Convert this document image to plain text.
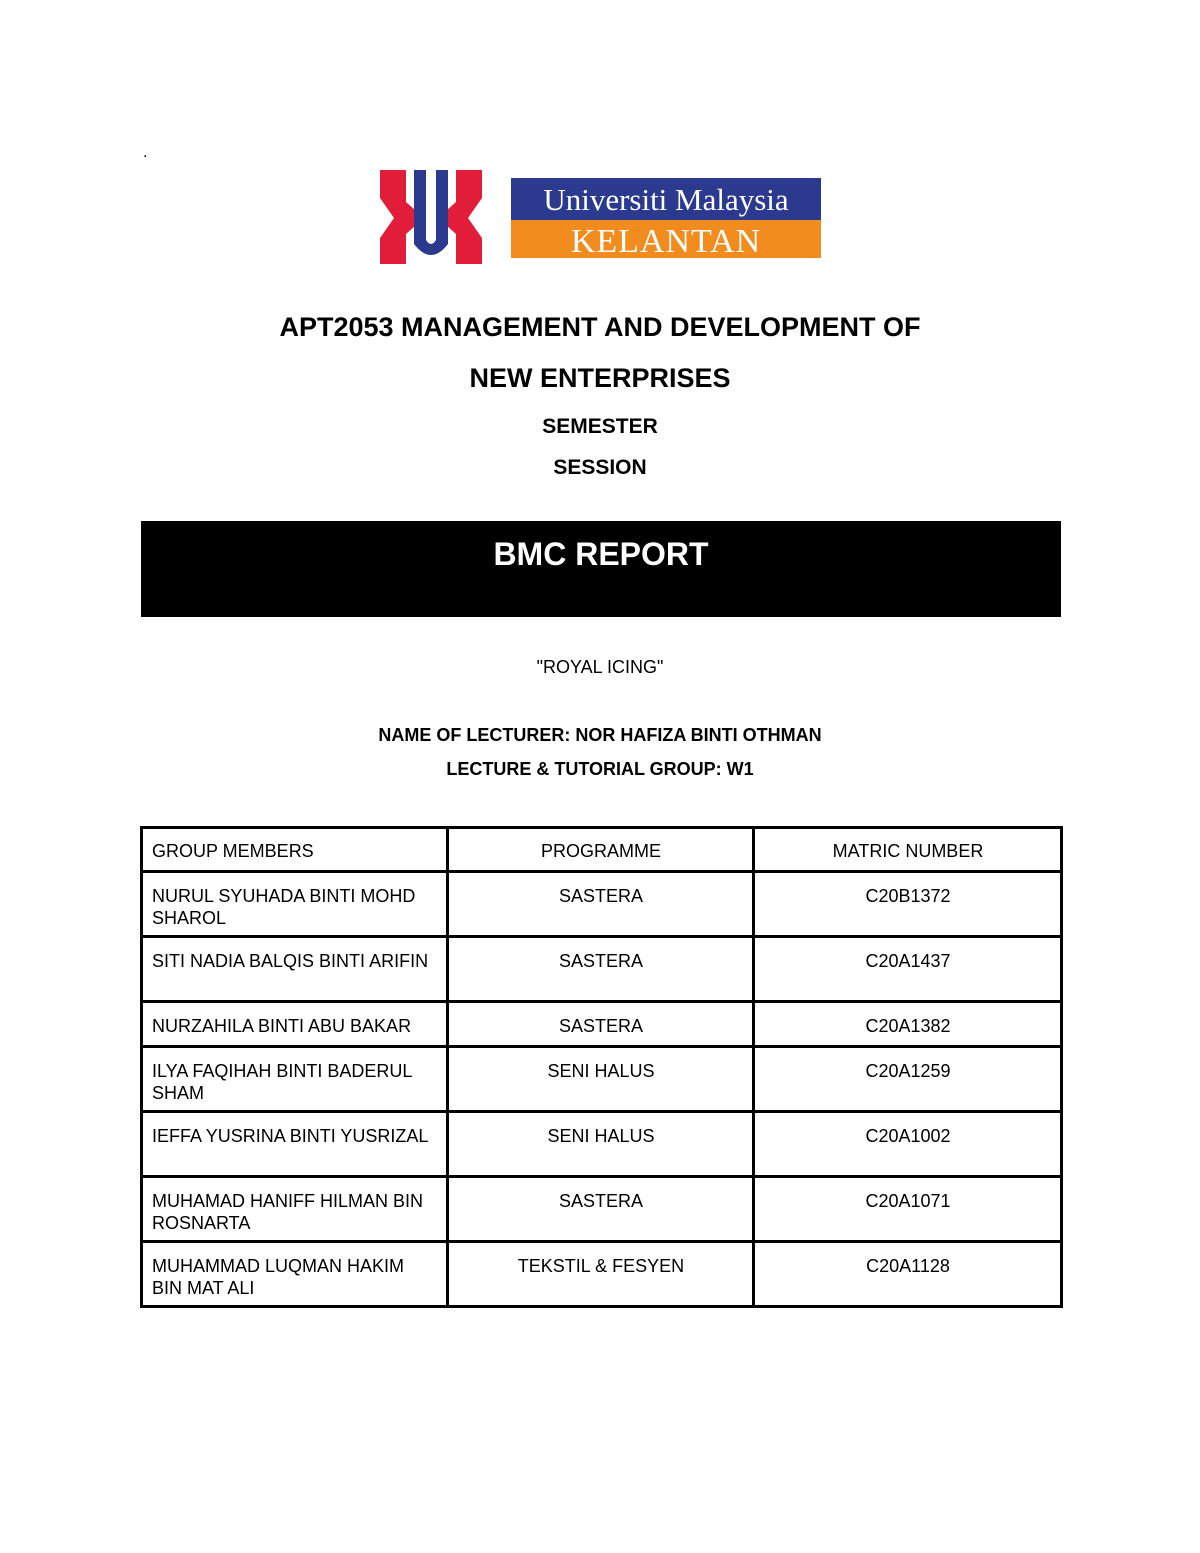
.
Universiti Malaysia
KELANTAN
APT2053 MANAGEMENT AND DEVELOPMENT OF
NEW ENTERPRISES
SEMESTER
SESSION
BMC REPORT
"ROYAL ICING"
NAME OF LECTURER: NOR HAFIZA BINTI OTHMAN
LECTURE & TUTORIAL GROUP: W1
GROUP MEMBERS	PROGRAMME	MATRIC NUMBER
NURUL SYUHADA BINTI MOHD SHAROL	SASTERA	C20B1372
SITI NADIA BALQIS BINTI ARIFIN	SASTERA	C20A1437
NURZAHILA BINTI ABU BAKAR	SASTERA	C20A1382
ILYA FAQIHAH BINTI BADERUL SHAM	SENI HALUS	C20A1259
IEFFA YUSRINA BINTI YUSRIZAL	SENI HALUS	C20A1002
MUHAMAD HANIFF HILMAN BIN ROSNARTA	SASTERA	C20A1071
MUHAMMAD LUQMAN HAKIM BIN MAT ALI	TEKSTIL & FESYEN	C20A1128
